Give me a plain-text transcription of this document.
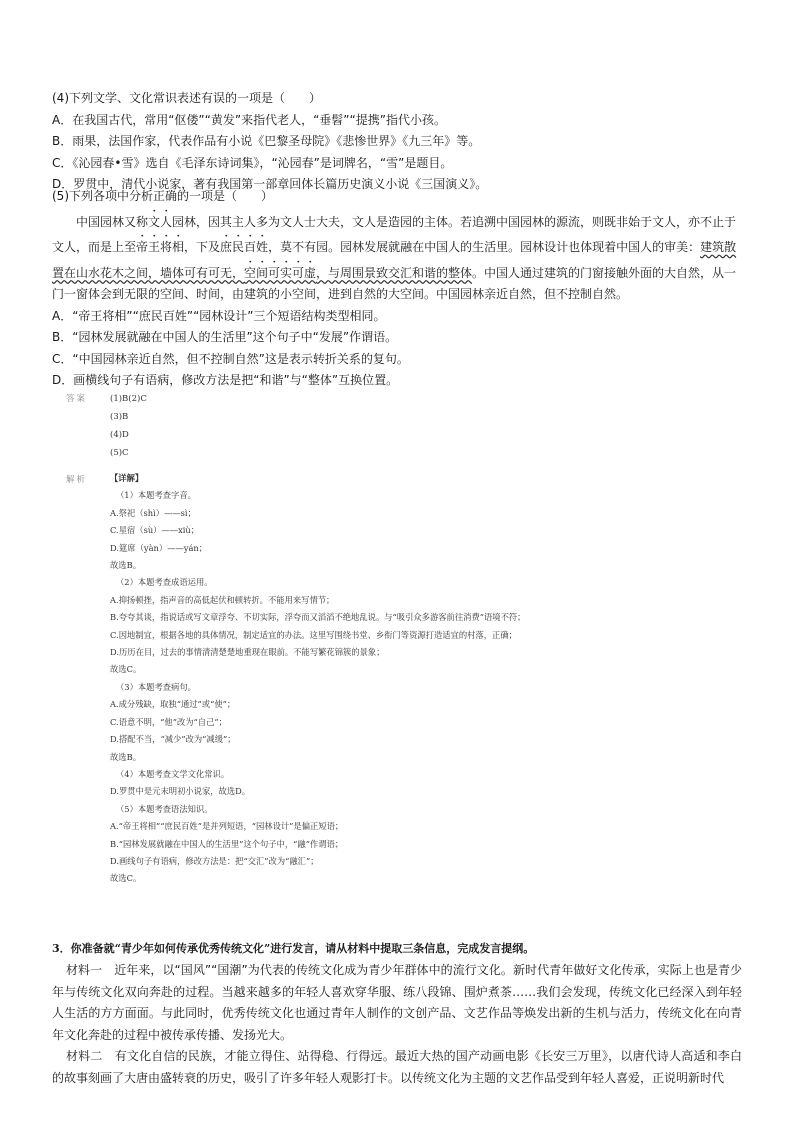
(4)下列文学、文化常识表述有误的一项是（　　）
A．在我国古代，常用“伛偻”“黄发”来指代老人，“垂髫”“提携”指代小孩。
B．雨果，法国作家，代表作品有小说《巴黎圣母院》《悲惨世界》《九三年》等。
C．《沁园春•雪》选自《毛泽东诗词集》，“沁园春”是词牌名，“雪”是题目。
D．罗贯中，清代小说家，著有我国第一部章回体长篇历史演义小说《三国演义》。
(5)下列各项中分析正确的一项是（　　）

中国园林又称文人园林，因其主人多为文人士大夫，文人是造园的主体。若追溯中国园林的源流，则既非始于文人，亦不止于文人，而是上至帝王将相，下及庶民百姓，莫不有园。园林发展就融在中国人的生活里。园林设计也体现着中国人的审美：建筑散置在山水花木之间，墙体可有可无，空间可实可虚，与周围景致交汇和谐的整体。中国人通过建筑的门窗接触外面的大自然，从一门一窗体会到无限的空间、时间，由建筑的小空间，进到自然的大空间。中国园林亲近自然，但不控制自然。

A．“帝王将相”“庶民百姓”“园林设计”三个短语结构类型相同。
B．“园林发展就融在中国人的生活里”这个句子中“发展”作谓语。
C．“中国园林亲近自然，但不控制自然”这是表示转折关系的复句。
D．画横线句子有语病，修改方法是把“和谐”与“整体”互换位置。
答案	(1)B(2)C
(3)B
(4)D
(5)C
解析	【详解】
（1）本题考查字音。
A.祭祀（shì）——sì；
C.星宿（sù）——xiù；
D.筵席（yàn）——yán；
故选B。
（2）本题考查成语运用。
A.抑扬顿挫，指声音的高低起伏和顿转折。不能用来写情节；
B.夸夸其谈，指说话或写文章浮夸、不切实际，浮夸而又滔滔不绝地乱说。与“吸引众多游客前往消费”语境不符；
C.因地制宜，根据各地的具体情况，制定适宜的办法。这里写围绕书堂、乡衔门等资源打造适宜的村落，正确；
D.历历在目，过去的事情清清楚楚地重现在眼前。不能写繁花锦簇的景象；
故选C。
（3）本题考查病句。
A.成分残缺，取独“通过”或“使”；
C.语意不明，“他”改为“自己”；
D.搭配不当，“减少”改为“减缓”；
故选B。
（4）本题考查文学文化常识。
D.罗贯中是元末明初小说家，故选D。
（5）本题考查语法知识。
A.“帝王将相”“庶民百姓”是并列短语，“园林设计”是偏正短语；
B.“园林发展就融在中国人的生活里”这个句子中，“融”作谓语；
D.画线句子有语病，修改方法是：把“交汇”改为“融汇”；
故选C。
3．你准备就“青少年如何传承优秀传统文化”进行发言，请从材料中提取三条信息，完成发言提纲。

材料一　近年来，以“国风”“国潮”为代表的传统文化成为青少年群体中的流行文化。新时代青年做好文化传承，实际上也是青少年与传统文化双向奔赴的过程。当越来越多的年轻人喜欢穿华服、练八段锦、围炉煮茶……我们会发现，传统文化已经深入到年轻人生活的方方面面。与此同时，优秀传统文化也通过青年人制作的文创产品、文艺作品等焕发出新的生机与活力，传统文化在向青年文化奔赴的过程中被传承传播、发扬光大。

材料二　有文化自信的民族，才能立得住、站得稳、行得远。最近大热的国产动画电影《长安三万里》，以唐代诗人高适和李白的故事刻画了大唐由盛转衰的历史，吸引了许多年轻人观影打卡。以传统文化为主题的文艺作品受到年轻人喜爱，正说明新时代
